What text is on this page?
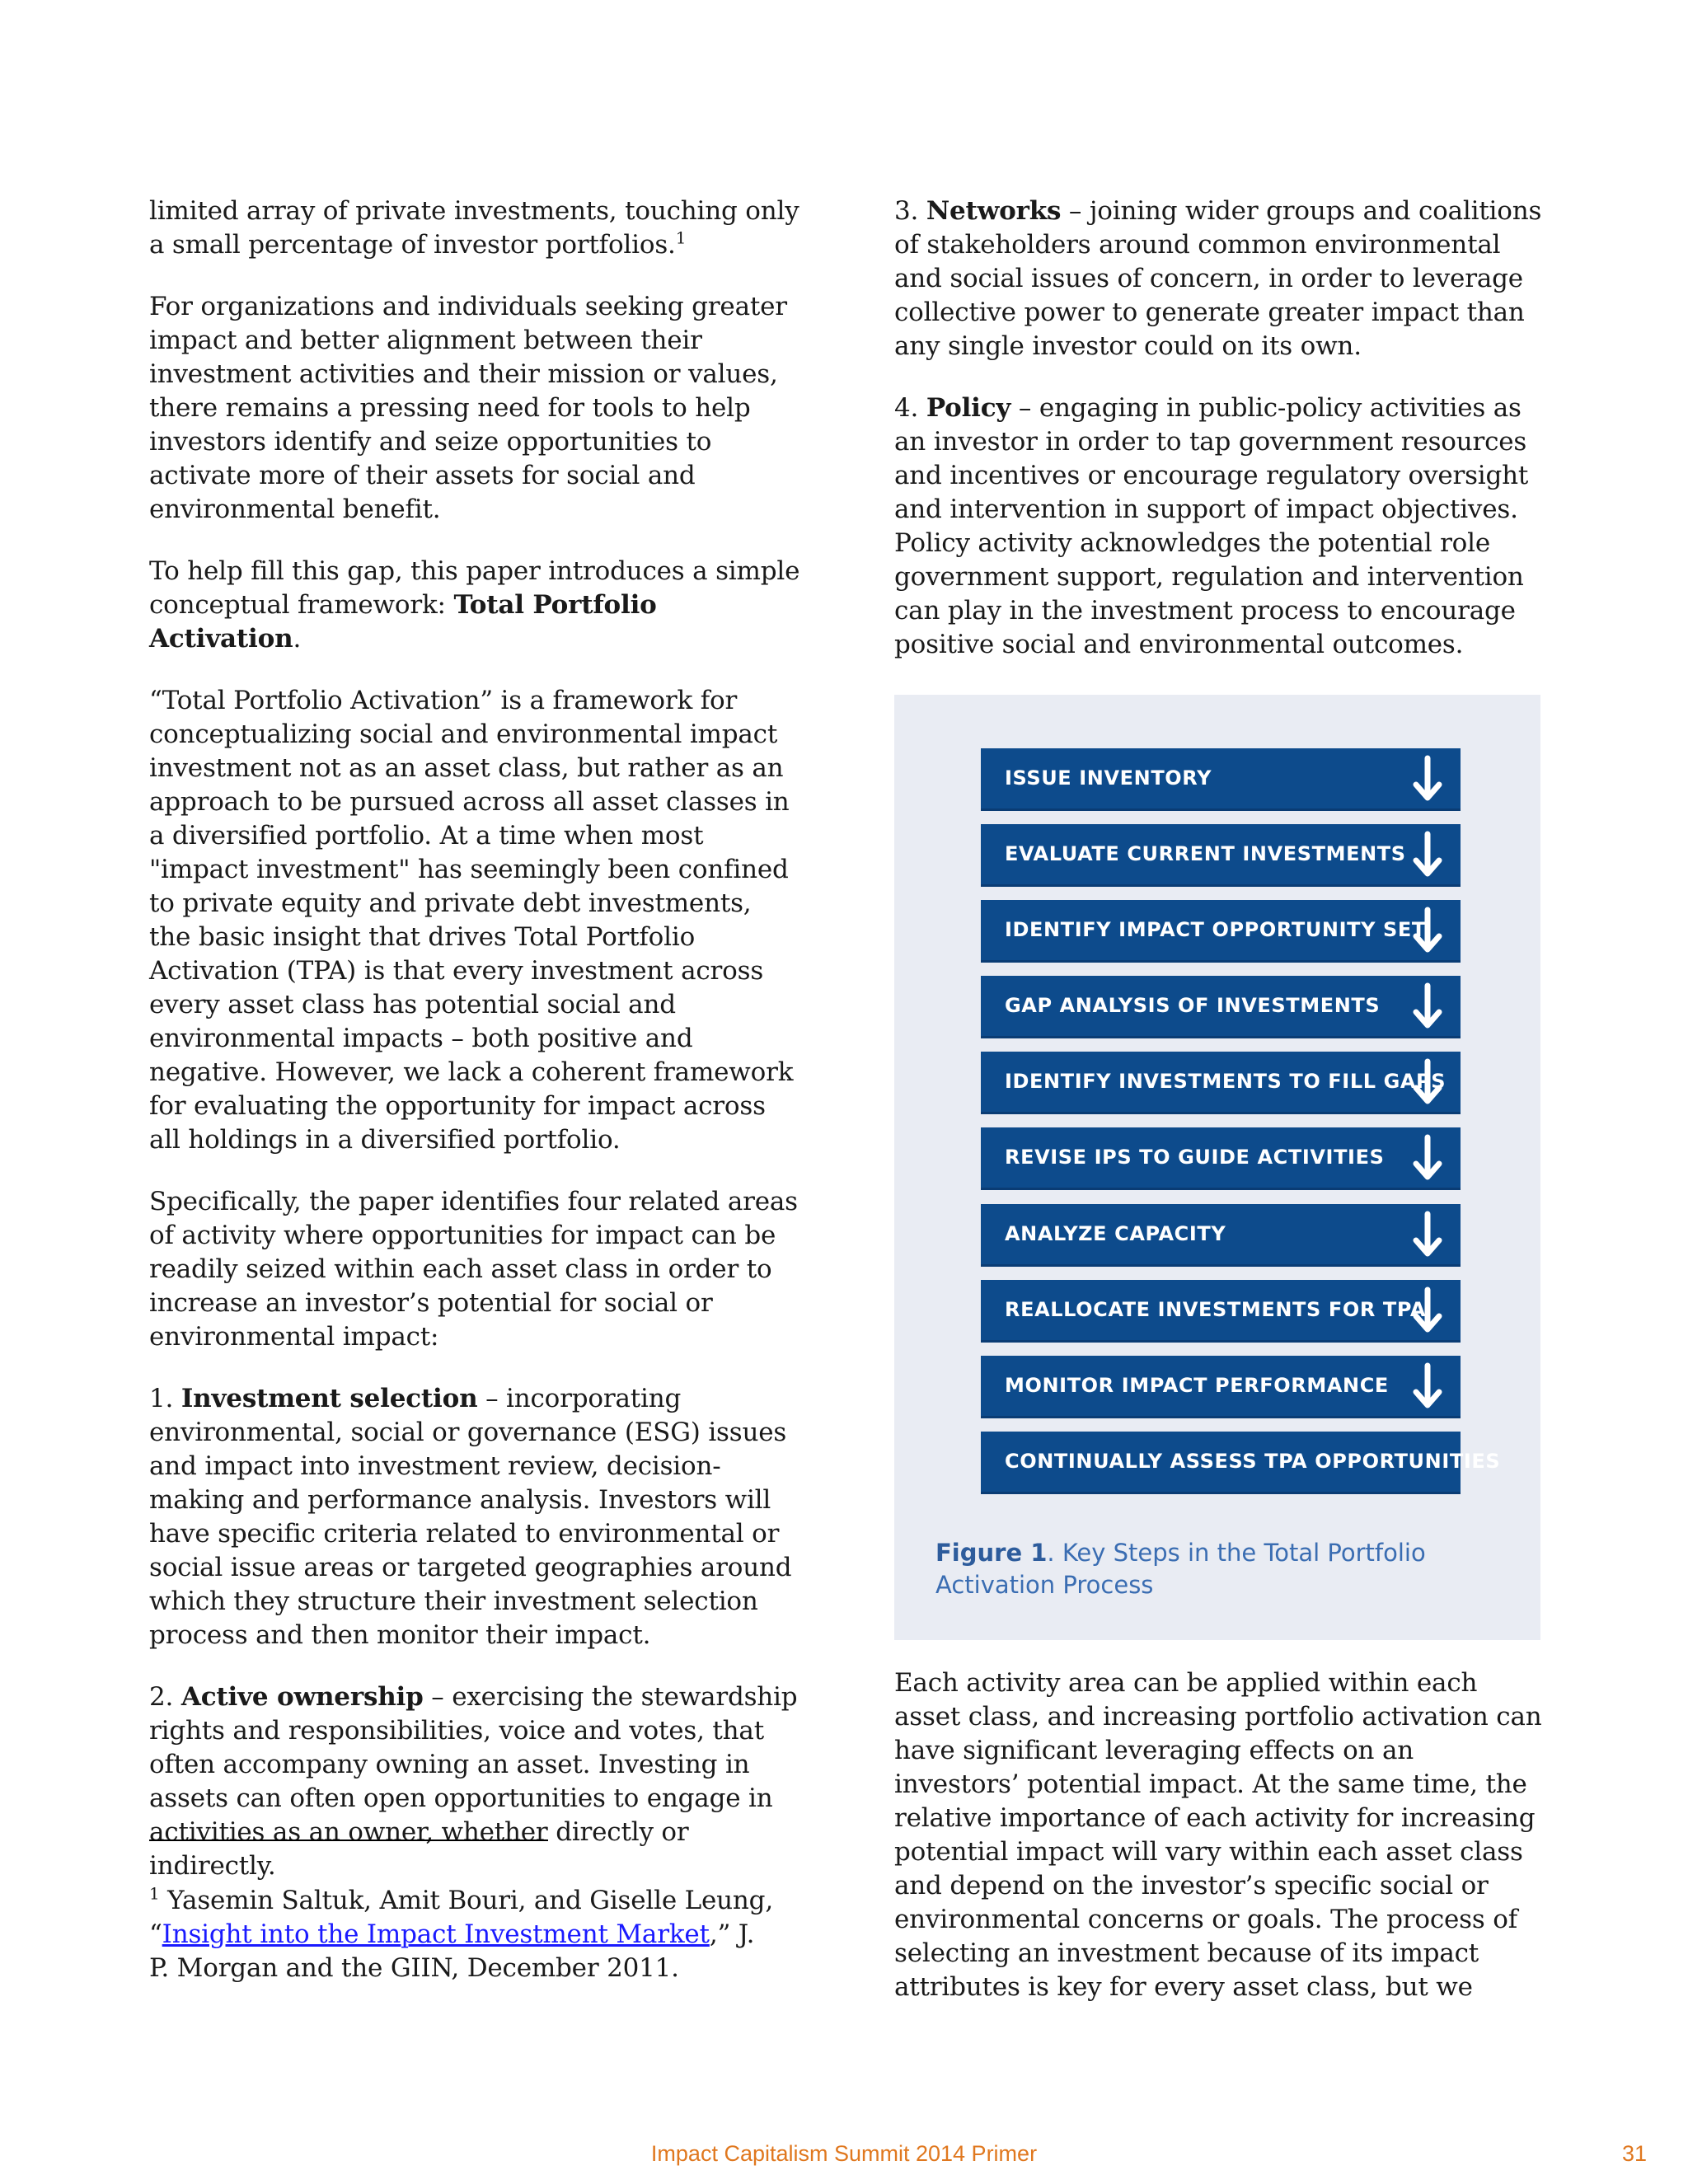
limited array of private investments, touching only a small percentage of investor portfolios.$^1$

For organizations and individuals seeking greater impact and better alignment between their investment activities and their mission or values, there remains a pressing need for tools to help investors identify and seize opportunities to activate more of their assets for social and environmental benefit.

To help fill this gap, this paper introduces a simple conceptual framework: Total Portfolio Activation.

“Total Portfolio Activation” is a framework for conceptualizing social and environmental impact investment not as an asset class, but rather as an approach to be pursued across all asset classes in a diversified portfolio. At a time when most "impact investment" has seemingly been confined to private equity and private debt investments, the basic insight that drives Total Portfolio Activation (TPA) is that every investment across every asset class has potential social and environmental impacts – both positive and negative. However, we lack a coherent framework for evaluating the opportunity for impact across all holdings in a diversified portfolio.

Specifically, the paper identifies four related areas of activity where opportunities for impact can be readily seized within each asset class in order to increase an investor’s potential for social or environmental impact:

1. Investment selection – incorporating environmental, social or governance (ESG) issues and impact into investment review, decision-making and performance analysis. Investors will have specific criteria related to environmental or social issue areas or targeted geographies around which they structure their investment selection process and then monitor their impact.

2. Active ownership – exercising the stewardship rights and responsibilities, voice and votes, that often accompany owning an asset. Investing in assets can often open opportunities to engage in activities as an owner, whether directly or indirectly.

3. Networks – joining wider groups and coalitions of stakeholders around common environmental and social issues of concern, in order to leverage collective power to generate greater impact than any single investor could on its own.

4. Policy – engaging in public-policy activities as an investor in order to tap government resources and incentives or encourage regulatory oversight and intervention in support of impact objectives. Policy activity acknowledges the potential role government support, regulation and intervention can play in the investment process to encourage positive social and environmental outcomes.

ISSUE INVENTORY
EVALUATE CURRENT INVESTMENTS
IDENTIFY IMPACT OPPORTUNITY SET
GAP ANALYSIS OF INVESTMENTS
IDENTIFY INVESTMENTS TO FILL GAPS
REVISE IPS TO GUIDE ACTIVITIES
ANALYZE CAPACITY
REALLOCATE INVESTMENTS FOR TPA
MONITOR IMPACT PERFORMANCE
CONTINUALLY ASSESS TPA OPPORTUNITIES
Figure 1. Key Steps in the Total Portfolio Activation Process

Each activity area can be applied within each asset class, and increasing portfolio activation can have significant leveraging effects on an investors’ potential impact. At the same time, the relative importance of each activity for increasing potential impact will vary within each asset class and depend on the investor’s specific social or environmental concerns or goals. The process of selecting an investment because of its impact attributes is key for every asset class, but we

$^1$ Yasemin Saltuk, Amit Bouri, and Giselle Leung, “Insight into the Impact Investment Market,” J. P. Morgan and the GIIN, December 2011.
Impact Capitalism Summit 2014 Primer	31
